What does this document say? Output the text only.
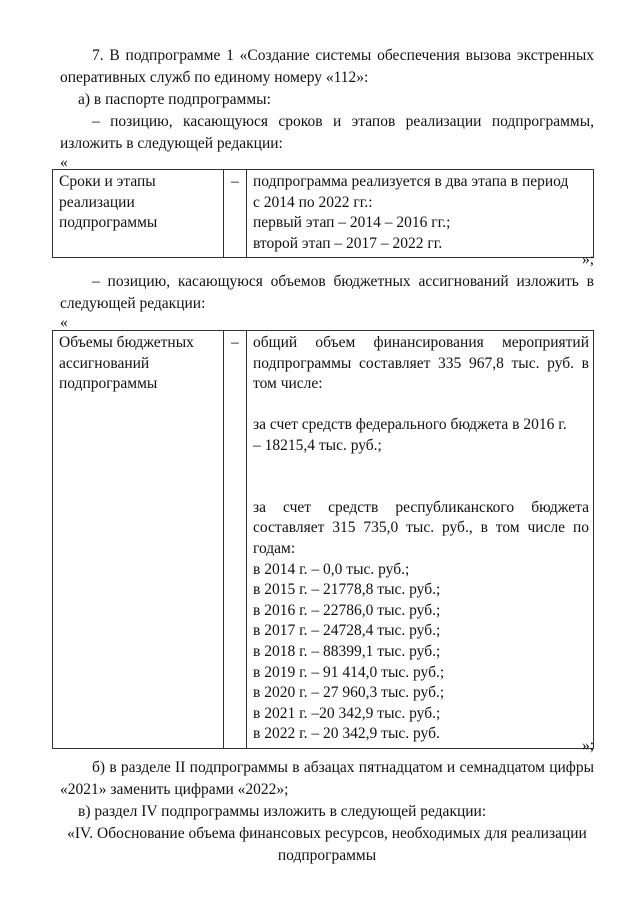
7. В подпрограмме 1 «Создание системы обеспечения вызова экстренных
оперативных служб по единому номеру «112»:
а) в паспорте подпрограммы:
– позицию, касающуюся сроков и этапов реализации подпрограммы,
изложить в следующей редакции:
«
Сроки и этапы
реализации
подпрограммы
	–	подпрограмма реализуется в два этапа в период
с 2014 по 2022 гг.:
первый этап – 2014 – 2016 гг.;
второй этап – 2017 – 2022 гг.
»;
– позицию, касающуюся объемов бюджетных ассигнований изложить в
следующей редакции:
«
Объемы бюджетных
ассигнований
подпрограммы
	–	общий объем финансирования мероприятий
подпрограммы составляет 335 967,8 тыс. руб. в
том числе:
за счет средств федерального бюджета в 2016 г.
– 18215,4 тыс. руб.;
за счет средств республиканского бюджета
составляет 315 735,0 тыс. руб., в том числе по
годам:
в 2014 г. – 0,0 тыс. руб.;
в 2015 г. – 21778,8 тыс. руб.;
в 2016 г. – 22786,0 тыс. руб.;
в 2017 г. – 24728,4 тыс. руб.;
в 2018 г. – 88399,1 тыс. руб.;
в 2019 г. – 91 414,0 тыс. руб.;
в 2020 г. – 27 960,3 тыс. руб.;
в 2021 г. –20 342,9 тыс. руб.;
в 2022 г. – 20 342,9 тыс. руб.
»;
б) в разделе II подпрограммы в абзацах пятнадцатом и семнадцатом цифры
«2021» заменить цифрами «2022»;
в) раздел IV подпрограммы изложить в следующей редакции:
«IV. Обоснование объема финансовых ресурсов, необходимых для реализации
подпрограммы
